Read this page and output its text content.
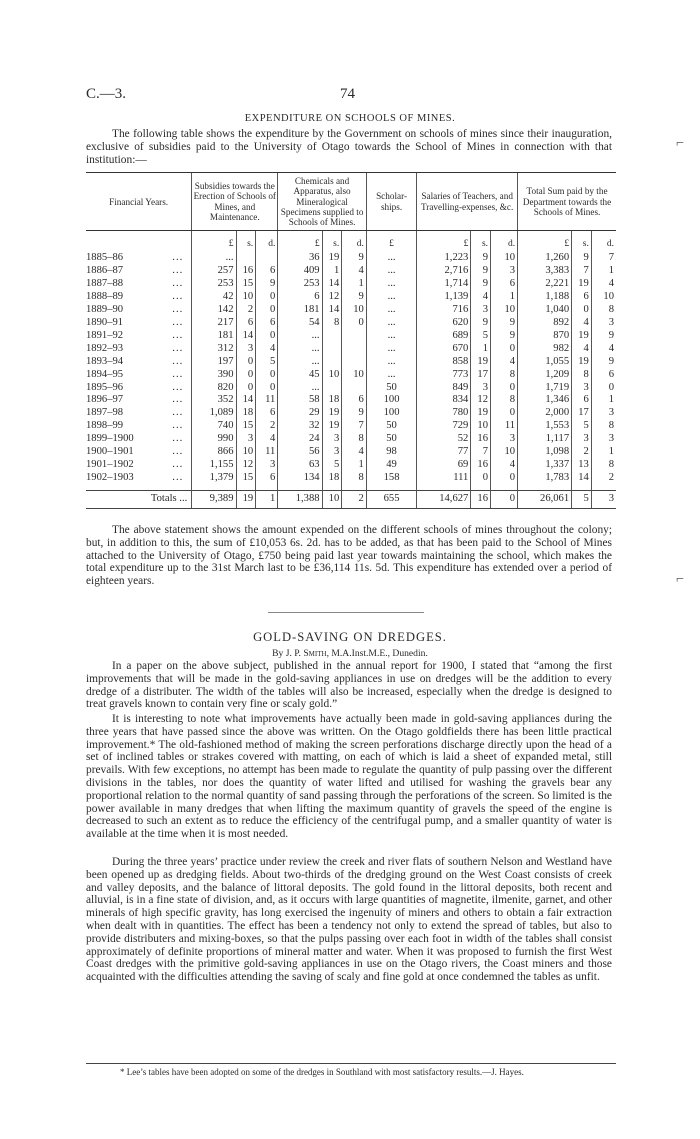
C.—3.	74
EXPENDITURE ON SCHOOLS OF MINES.

The following table shows the expenditure by the Government on schools of mines since their inauguration, exclusive of subsidies paid to the University of Otago towards the School of Mines in connection with that institution:—

Financial Years.	Subsidies towards the Erection of Schools of Mines, and Maintenance.			Chemicals and Apparatus, also Mineralogical Specimens supplied to Schools of Mines.			Scholar-ships.	Salaries of Teachers, and Travelling-expenses, &c.			Total Sum paid by the Department towards the Schools of Mines.		
	£	s.	d.	£	s.	d.	£	£	s.	d.	£	s.	d.
1885–86 ...	...			36	19	9	...	1,223	9	10	1,260	9	7
1886–87 ...	257	16	6	409	1	4	...	2,716	9	3	3,383	7	1
1887–88 ...	253	15	9	253	14	1	...	1,714	9	6	2,221	19	4
1888–89 ...	42	10	0	6	12	9	...	1,139	4	1	1,188	6	10
1889–90 ...	142	2	0	181	14	10	...	716	3	10	1,040	0	8
1890–91 ...	217	6	6	54	8	0	...	620	9	9	892	4	3
1891–92 ...	181	14	0	...			...	689	5	9	870	19	9
1892–93 ...	312	3	4	...			...	670	1	0	982	4	4
1893–94 ...	197	0	5	...			...	858	19	4	1,055	19	9
1894–95 ...	390	0	0	45	10	10	...	773	17	8	1,209	8	6
1895–96 ...	820	0	0	...			50	849	3	0	1,719	3	0
1896–97 ...	352	14	11	58	18	6	100	834	12	8	1,346	6	1
1897–98 ...	1,089	18	6	29	19	9	100	780	19	0	2,000	17	3
1898–99 ...	740	15	2	32	19	7	50	729	10	11	1,553	5	8
1899–1900 ...	990	3	4	24	3	8	50	52	16	3	1,117	3	3
1900–1901 ...	866	10	11	56	3	4	98	77	7	10	1,098	2	1
1901–1902 ...	1,155	12	3	63	5	1	49	69	16	4	1,337	13	8
1902–1903 ...	1,379	15	6	134	18	8	158	111	0	0	1,783	14	2

Totals ...	9,389	19	1	1,388	10	2	655	14,627	16	0	26,061	5	3
GOLD-SAVING ON DREDGES.
By J. P. Smith, M.A.Inst.M.E., Dunedin.

The above statement shows the amount expended on the different schools of mines throughout the colony; but, in addition to this, the sum of £10,053 6s. 2d. has to be added, as that has been paid to the School of Mines attached to the University of Otago, £750 being paid last year towards maintaining the school, which makes the total expenditure up to the 31st March last to be £36,114 11s. 5d. This expenditure has extended over a period of eighteen years.

In a paper on the above subject, published in the annual report for 1900, I stated that “among the first improvements that will be made in the gold-saving appliances in use on dredges will be the addition to every dredge of a distributer. The width of the tables will also be increased, especially when the dredge is designed to treat gravels known to contain very fine or scaly gold.”

It is interesting to note what improvements have actually been made in gold-saving appliances during the three years that have passed since the above was written. On the Otago goldfields there has been little practical improvement.* The old-fashioned method of making the screen perforations discharge directly upon the head of a set of inclined tables or strakes covered with matting, on each of which is laid a sheet of expanded metal, still prevails. With few exceptions, no attempt has been made to regulate the quantity of pulp passing over the different divisions in the tables, nor does the quantity of water lifted and utilised for washing the gravels bear any proportional relation to the normal quantity of sand passing through the perforations of the screen. So limited is the power available in many dredges that when lifting the maximum quantity of gravels the speed of the engine is decreased to such an extent as to reduce the efficiency of the centrifugal pump, and a smaller quantity of water is available at the time when it is most needed.

During the three years’ practice under review the creek and river flats of southern Nelson and Westland have been opened up as dredging fields. About two-thirds of the dredging ground on the West Coast consists of creek and valley deposits, and the balance of littoral deposits. The gold found in the littoral deposits, both recent and alluvial, is in a fine state of division, and, as it occurs with large quantities of magnetite, ilmenite, garnet, and other minerals of high specific gravity, has long exercised the ingenuity of miners and others to obtain a fair extraction when dealt with in quantities. The effect has been a tendency not only to extend the spread of tables, but also to provide distributers and mixing-boxes, so that the pulps passing over each foot in width of the tables shall consist approximately of definite proportions of mineral matter and water. When it was proposed to furnish the first West Coast dredges with the primitive gold-saving appliances in use on the Otago rivers, the Coast miners and those acquainted with the difficulties attending the saving of scaly and fine gold at once condemned the tables as unfit.

* Lee’s tables have been adopted on some of the dredges in Southland with most satisfactory results.—J. Hayes.
⌐
⌐
